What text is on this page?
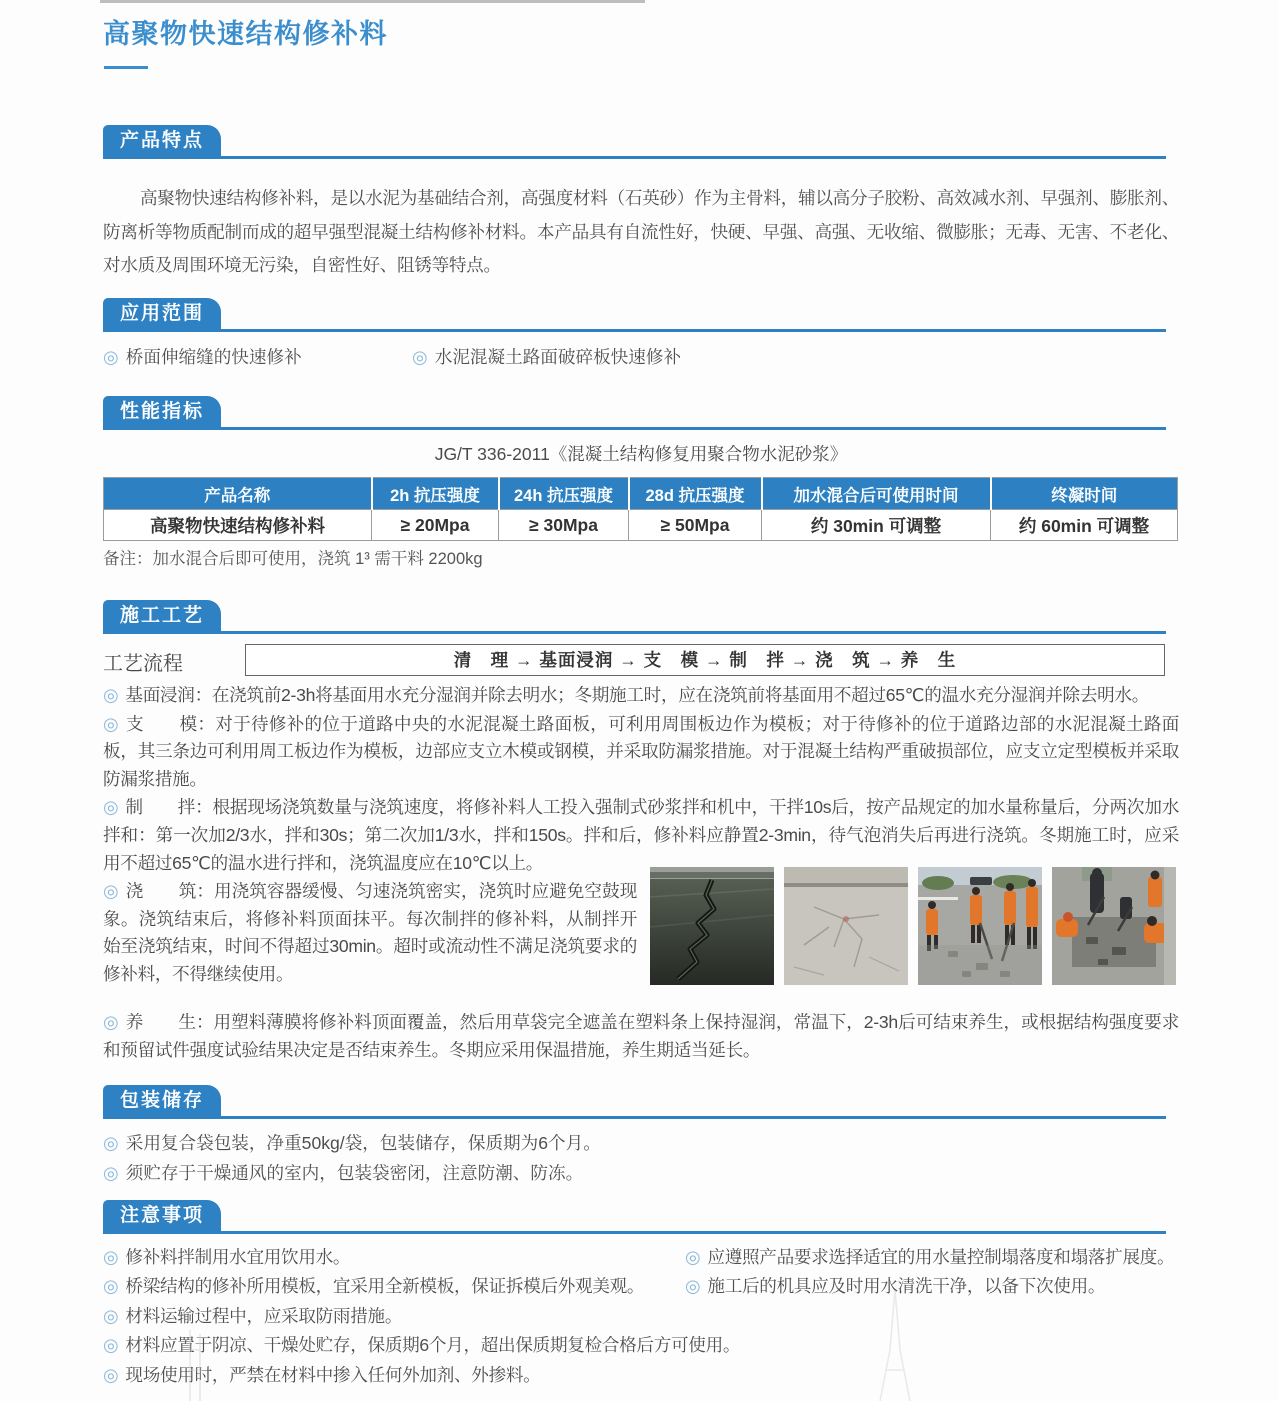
高聚物快速结构修补料
产品特点

高聚物快速结构修补料，是以水泥为基础结合剂，高强度材料（石英砂）作为主骨料，辅以高分子胶粉、高效减水剂、早强剂、膨胀剂、防离析等物质配制而成的超早强型混凝土结构修补材料。本产品具有自流性好，快硬、早强、高强、无收缩、微膨胀；无毒、无害、不老化、对水质及周围环境无污染，自密性好、阻锈等特点。

应用范围
◎ 桥面伸缩缝的快速修补	◎ 水泥混凝土路面破碎板快速修补
性能指标

JG/T 336-2011《混凝土结构修复用聚合物水泥砂浆》

产品名称	2h 抗压强度	24h 抗压强度	28d 抗压强度	加水混合后可使用时间	终凝时间
高聚物快速结构修补料	≥ 20Mpa	≥ 30Mpa	≥ 50Mpa	约 30min 可调整	约 60min 可调整

备注：加水混合后即可使用，浇筑 1³ 需干料 2200kg

施工工艺
工艺流程	清　理 → 基面浸润 → 支　模 → 制　拌 → 浇　筑 → 养　生

◎ 基面浸润：在浇筑前2-3h将基面用水充分湿润并除去明水；冬期施工时，应在浇筑前将基面用不超过65℃的温水充分湿润并除去明水。

◎ 支　　模：对于待修补的位于道路中央的水泥混凝土路面板，可利用周围板边作为模板；对于待修补的位于道路边部的水泥混凝土路面板，其三条边可利用周工板边作为模板，边部应支立木模或钢模，并采取防漏浆措施。对于混凝土结构严重破损部位，应支立定型模板并采取防漏浆措施。

◎ 制　　拌：根据现场浇筑数量与浇筑速度，将修补料人工投入强制式砂浆拌和机中，干拌10s后，按产品规定的加水量称量后，分两次加水拌和：第一次加2/3水，拌和30s；第二次加1/3水，拌和150s。拌和后，修补料应静置2-3min，待气泡消失后再进行浇筑。冬期施工时，应采用不超过65℃的温水进行拌和，浇筑温度应在10℃以上。

◎ 浇　　筑：用浇筑容器缓慢、匀速浇筑密实，浇筑时应避免空鼓现象。浇筑结束后，将修补料顶面抹平。每次制拌的修补料，从制拌开始至浇筑结束，时间不得超过30min。超时或流动性不满足浇筑要求的修补料，不得继续使用。

◎ 养　　生：用塑料薄膜将修补料顶面覆盖，然后用草袋完全遮盖在塑料条上保持湿润，常温下，2-3h后可结束养生，或根据结构强度要求和预留试件强度试验结果决定是否结束养生。冬期应采用保温措施，养生期适当延长。

包装储存

◎ 采用复合袋包装，净重50kg/袋，包装储存，保质期为6个月。

◎ 须贮存于干燥通风的室内，包装袋密闭，注意防潮、防冻。

注意事项

◎ 修补料拌制用水宜用饮用水。

◎ 桥梁结构的修补所用模板，宜采用全新模板，保证拆模后外观美观。

◎ 材料运输过程中，应采取防雨措施。

◎ 材料应置于阴凉、干燥处贮存，保质期6个月，超出保质期复检合格后方可使用。

◎ 现场使用时，严禁在材料中掺入任何外加剂、外掺料。

◎ 应遵照产品要求选择适宜的用水量控制塌落度和塌落扩展度。

◎ 施工后的机具应及时用水清洗干净，以备下次使用。
